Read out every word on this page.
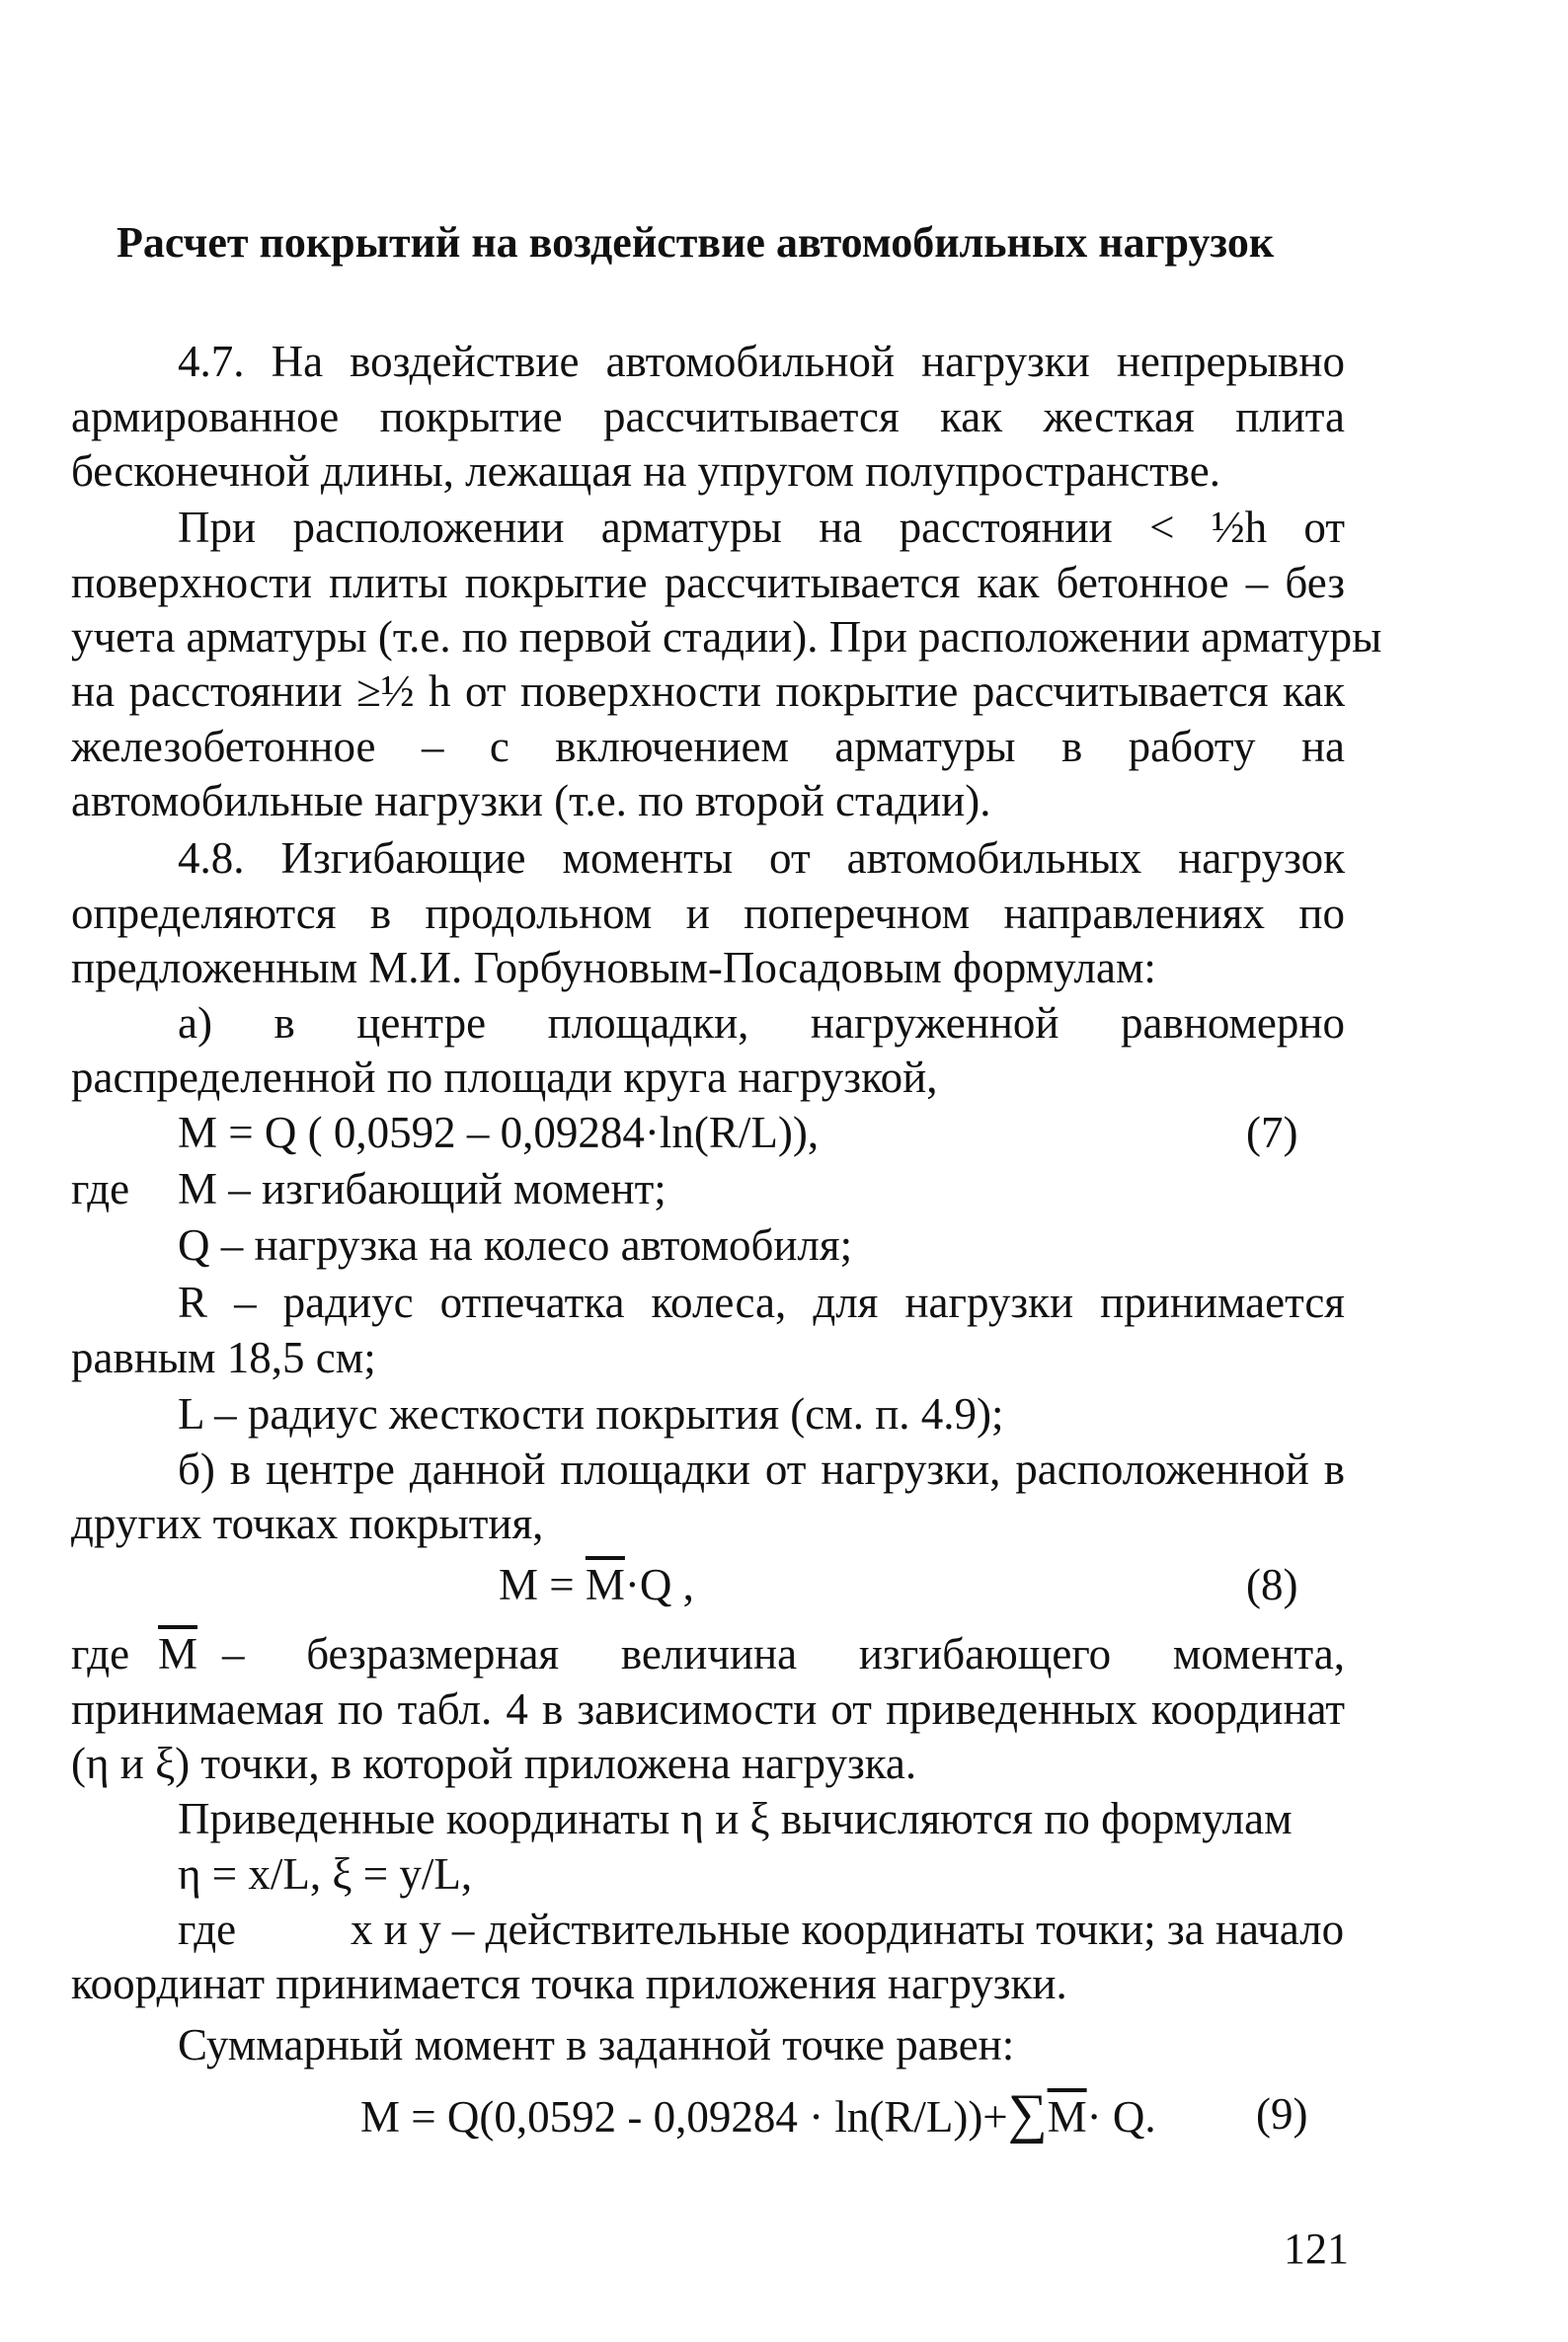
Расчет покрытий на воздействие автомобильных нагрузок
4.7. На воздействие автомобильной нагрузки непрерывно
армированное покрытие рассчитывается как жесткая плита
бесконечной длины, лежащая на упругом полупространстве.
При расположении арматуры на расстоянии < ½h от
поверхности плиты покрытие рассчитывается как бетонное – без
учета арматуры (т.е. по первой стадии). При расположении арматуры
на расстоянии ≥½ h от поверхности покрытие рассчитывается как
железобетонное – с включением арматуры в работу на
автомобильные нагрузки (т.е. по второй стадии).
4.8. Изгибающие моменты от автомобильных нагрузок
определяются в продольном и поперечном направлениях по
предложенным М.И. Горбуновым-Посадовым формулам:
а) в центре площадки, нагруженной равномерно
распределенной по площади круга нагрузкой,
M = Q ( 0,0592 – 0,09284·ln(R/L)),	(7)
где М – изгибающий момент;
Q – нагрузка на колесо автомобиля;
R – радиус отпечатка колеса, для нагрузки принимается
равным 18,5 см;
L – радиус жесткости покрытия (см. п. 4.9);
б) в центре данной площадки от нагрузки, расположенной в
других точках покрытия,
$M = \overline{M}\cdot Q$ ,	(8)
где $\overline{M}$ – безразмерная величина изгибающего момента,
принимаемая по табл. 4 в зависимости от приведенных координат
(η и ξ) точки, в которой приложена нагрузка.
Приведенные координаты η и ξ вычисляются по формулам
η = x/L, ξ = y/L,
где	x и y – действительные координаты точки; за начало
координат принимается точка приложения нагрузки.
Суммарный момент в заданной точке равен:
$M = Q(0,0592 - 0,09284 \cdot \ln(R/L))+\sum\overline{M}\cdot Q$. (9)
121
